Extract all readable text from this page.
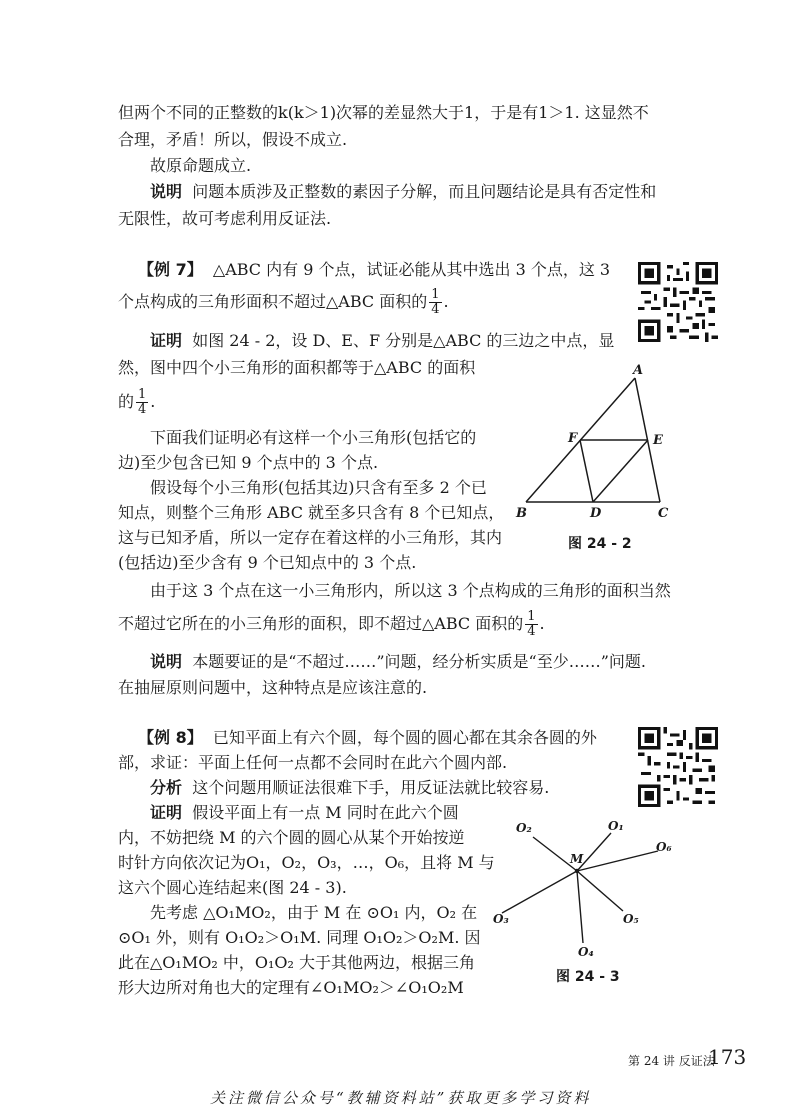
但两个不同的正整数的k(k＞1)次幂的差显然大于1，于是有1＞1. 这显然不
合理，矛盾！所以，假设不成立.
故原命题成立.
说明 问题本质涉及正整数的素因子分解，而且问题结论是具有否定性和
无限性，故可考虑利用反证法.
【例 7】 △ABC 内有 9 个点，试证必能从其中选出 3 个点，这 3
个点构成的三角形面积不超过△ABC 面积的 $\frac{1}{4}$ .
证明 如图 24 - 2，设 D、E、F 分别是△ABC 的三边之中点，显
然，图中四个小三角形的面积都等于△ABC 的面积
的 $\frac{1}{4}$ .
下面我们证明必有这样一个小三角形(包括它的
边)至少包含已知 9 个点中的 3 个点.
假设每个小三角形(包括其边)只含有至多 2 个已
知点，则整个三角形 ABC 就至多只含有 8 个已知点，
这与已知矛盾，所以一定存在着这样的小三角形，其内
(包括边)至少含有 9 个已知点中的 3 个点.
A
B	C
D
E
F
图 24 - 2
由于这 3 个点在这一小三角形内，所以这 3 个点构成的三角形的面积当然
不超过它所在的小三角形的面积，即不超过△ABC 面积的 $\frac{1}{4}$ .
说明 本题要证的是“不超过……”问题，经分析实质是“至少……”问题.
在抽屉原则问题中，这种特点是应该注意的.
【例 8】 已知平面上有六个圆，每个圆的圆心都在其余各圆的外
部，求证：平面上任何一点都不会同时在此六个圆内部.
分析 这个问题用顺证法很难下手，用反证法就比较容易.
证明 假设平面上有一点 M 同时在此六个圆
内，不妨把绕 M 的六个圆的圆心从某个开始按逆
时针方向依次记为O₁，O₂，O₃，…，O₆，且将 M 与
这六个圆心连结起来(图 24 - 3).
先考虑 △O₁MO₂，由于 M 在 ⊙O₁ 内，O₂ 在
⊙O₁ 外，则有 O₁O₂＞O₁M. 同理 O₁O₂＞O₂M. 因
此在△O₁MO₂ 中，O₁O₂ 大于其他两边，根据三角
形大边所对角也大的定理有∠O₁MO₂＞∠O₁O₂M
M
O₁
O₂
O₃
O₄
O₅
O₆
图 24 - 3
第 24 讲 反证法
173
关注微信公众号“教辅资料站”获取更多学习资料
